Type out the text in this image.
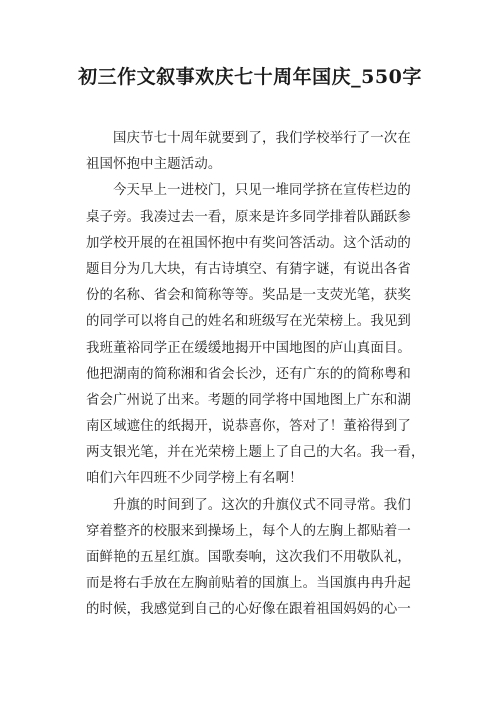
初三作文叙事欢庆七十周年国庆_550字
国庆节七十周年就要到了，我们学校举行了一次在
祖国怀抱中主题活动。
今天早上一进校门，只见一堆同学挤在宣传栏边的
桌子旁。我凑过去一看，原来是许多同学排着队踊跃参
加学校开展的在祖国怀抱中有奖问答活动。这个活动的
题目分为几大块，有古诗填空、有猜字谜，有说出各省
份的名称、省会和简称等等。奖品是一支荧光笔，获奖
的同学可以将自己的姓名和班级写在光荣榜上。我见到
我班董裕同学正在缓缓地揭开中国地图的庐山真面目。
他把湖南的简称湘和省会长沙，还有广东的的简称粤和
省会广州说了出来。考题的同学将中国地图上广东和湖
南区域遮住的纸揭开，说恭喜你，答对了！董裕得到了
两支银光笔，并在光荣榜上题上了自己的大名。我一看，
咱们六年四班不少同学榜上有名啊！
升旗的时间到了。这次的升旗仪式不同寻常。我们
穿着整齐的校服来到操场上，每个人的左胸上都贴着一
面鲜艳的五星红旗。国歌奏响，这次我们不用敬队礼，
而是将右手放在左胸前贴着的国旗上。当国旗冉冉升起
的时候，我感觉到自己的心好像在跟着祖国妈妈的心一
